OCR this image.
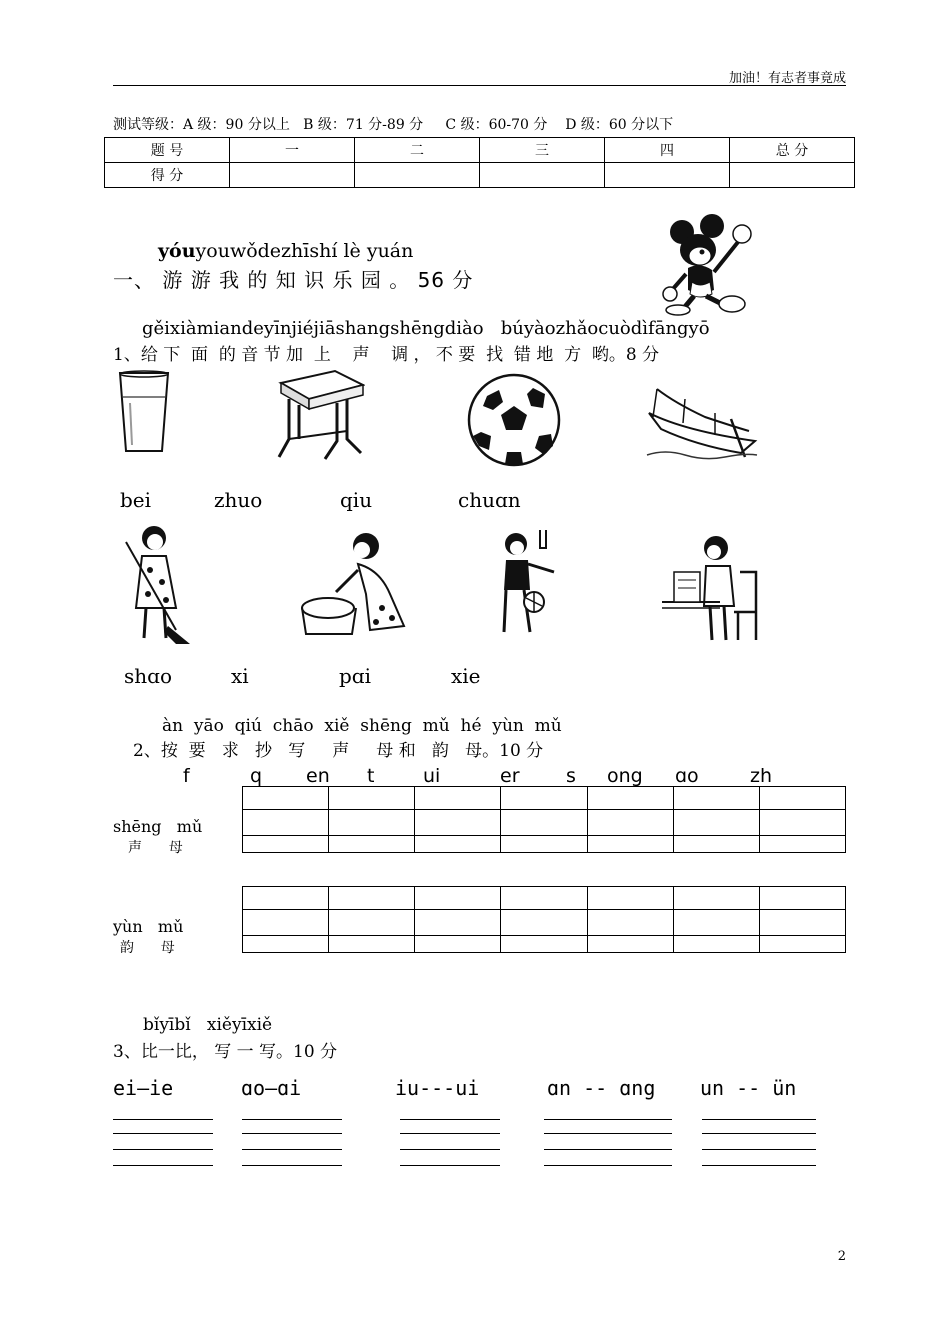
加油！有志者事竟成
测试等级：A 级：90 分以上   B 级：71 分-89 分     C 级：60-70 分    D 级：60 分以下
题 号	一	二	三	四	总 分
得 分					
yóuyouwǒdezhīshí lè yuán
一、 游 游 我 的 知 识 乐 园 。 56 分
gěixiàmiandeyīnjiéjiāshangshēngdiào   búyàozhǎocuòdìfāngyō
1、给 下  面  的 音 节 加  上    声    调 ， 不 要  找  错 地  方  哟。8 分
bei	zhuo	qiu	chuɑn
shɑo	xi	pɑi	xie
àn  yāo  qiú  chāo  xiě  shēng  mǔ  hé  yùn  mǔ
2、按  要   求   抄   写     声     母 和   韵   母。10 分
f	q en t	ui	er s ong ɑo	zh
shēng   mǔ
声      母

yùn   mǔ
韵      母

bǐyībǐ   xiěyīxiě
3、比一比， 写 一 写。10 分
ei—ie	ɑo—ɑi	iu---ui	ɑn -- ɑng un -- ün
2
